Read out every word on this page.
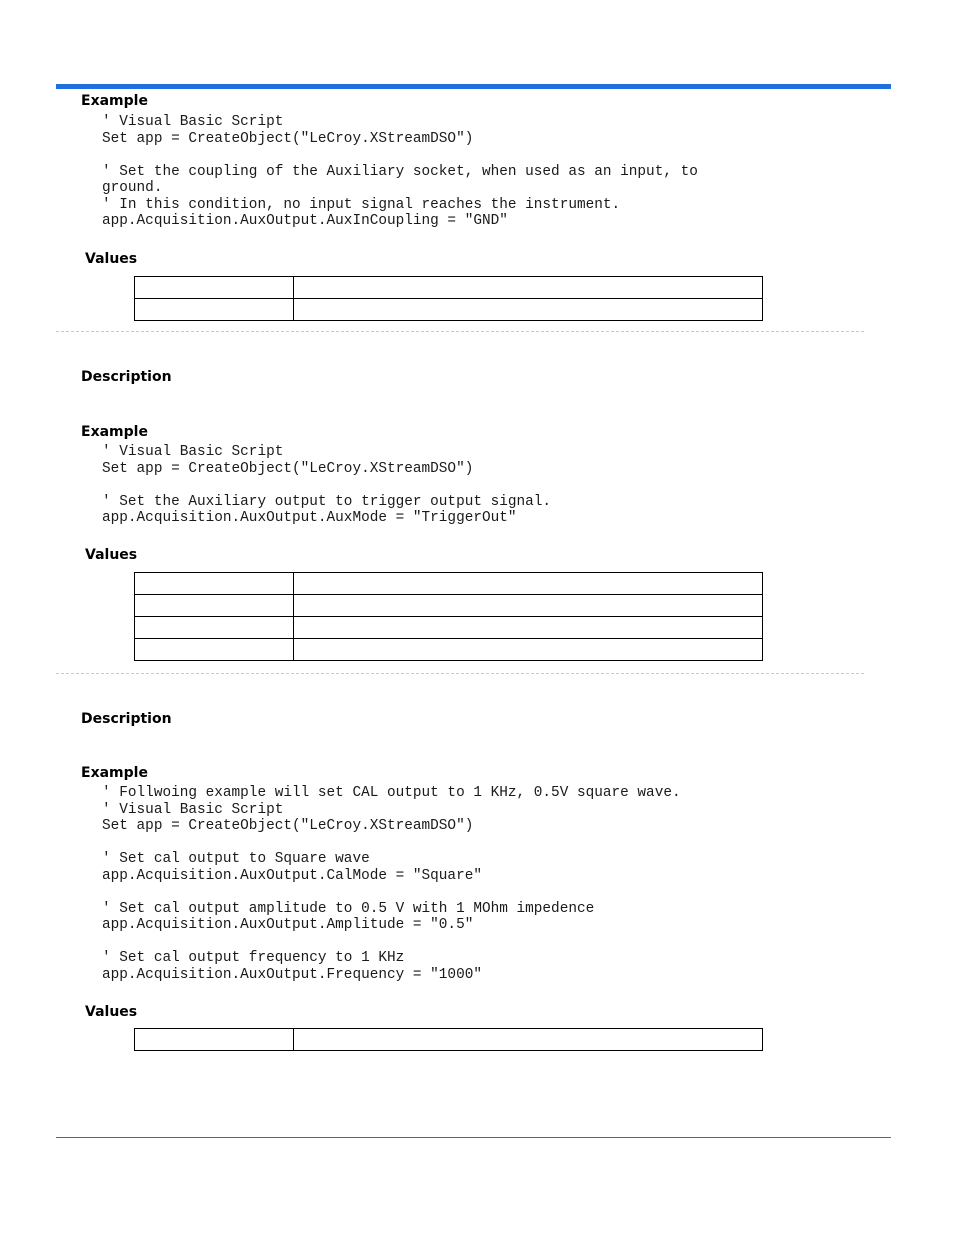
Example
' Visual Basic Script
Set app = CreateObject("LeCroy.XStreamDSO")
' Set the coupling of the Auxiliary socket, when used as an input, to
ground.
' In this condition, no input signal reaches the instrument.
app.Acquisition.AuxOutput.AuxInCoupling = "GND"
Values

Description
Example
' Visual Basic Script
Set app = CreateObject("LeCroy.XStreamDSO")
' Set the Auxiliary output to trigger output signal.
app.Acquisition.AuxOutput.AuxMode = "TriggerOut"
Values

Description
Example
' Follwoing example will set CAL output to 1 KHz, 0.5V square wave.
' Visual Basic Script
Set app = CreateObject("LeCroy.XStreamDSO")
' Set cal output to Square wave
app.Acquisition.AuxOutput.CalMode = "Square"
' Set cal output amplitude to 0.5 V with 1 MOhm impedence
app.Acquisition.AuxOutput.Amplitude = "0.5"
' Set cal output frequency to 1 KHz
app.Acquisition.AuxOutput.Frequency = "1000"
Values
